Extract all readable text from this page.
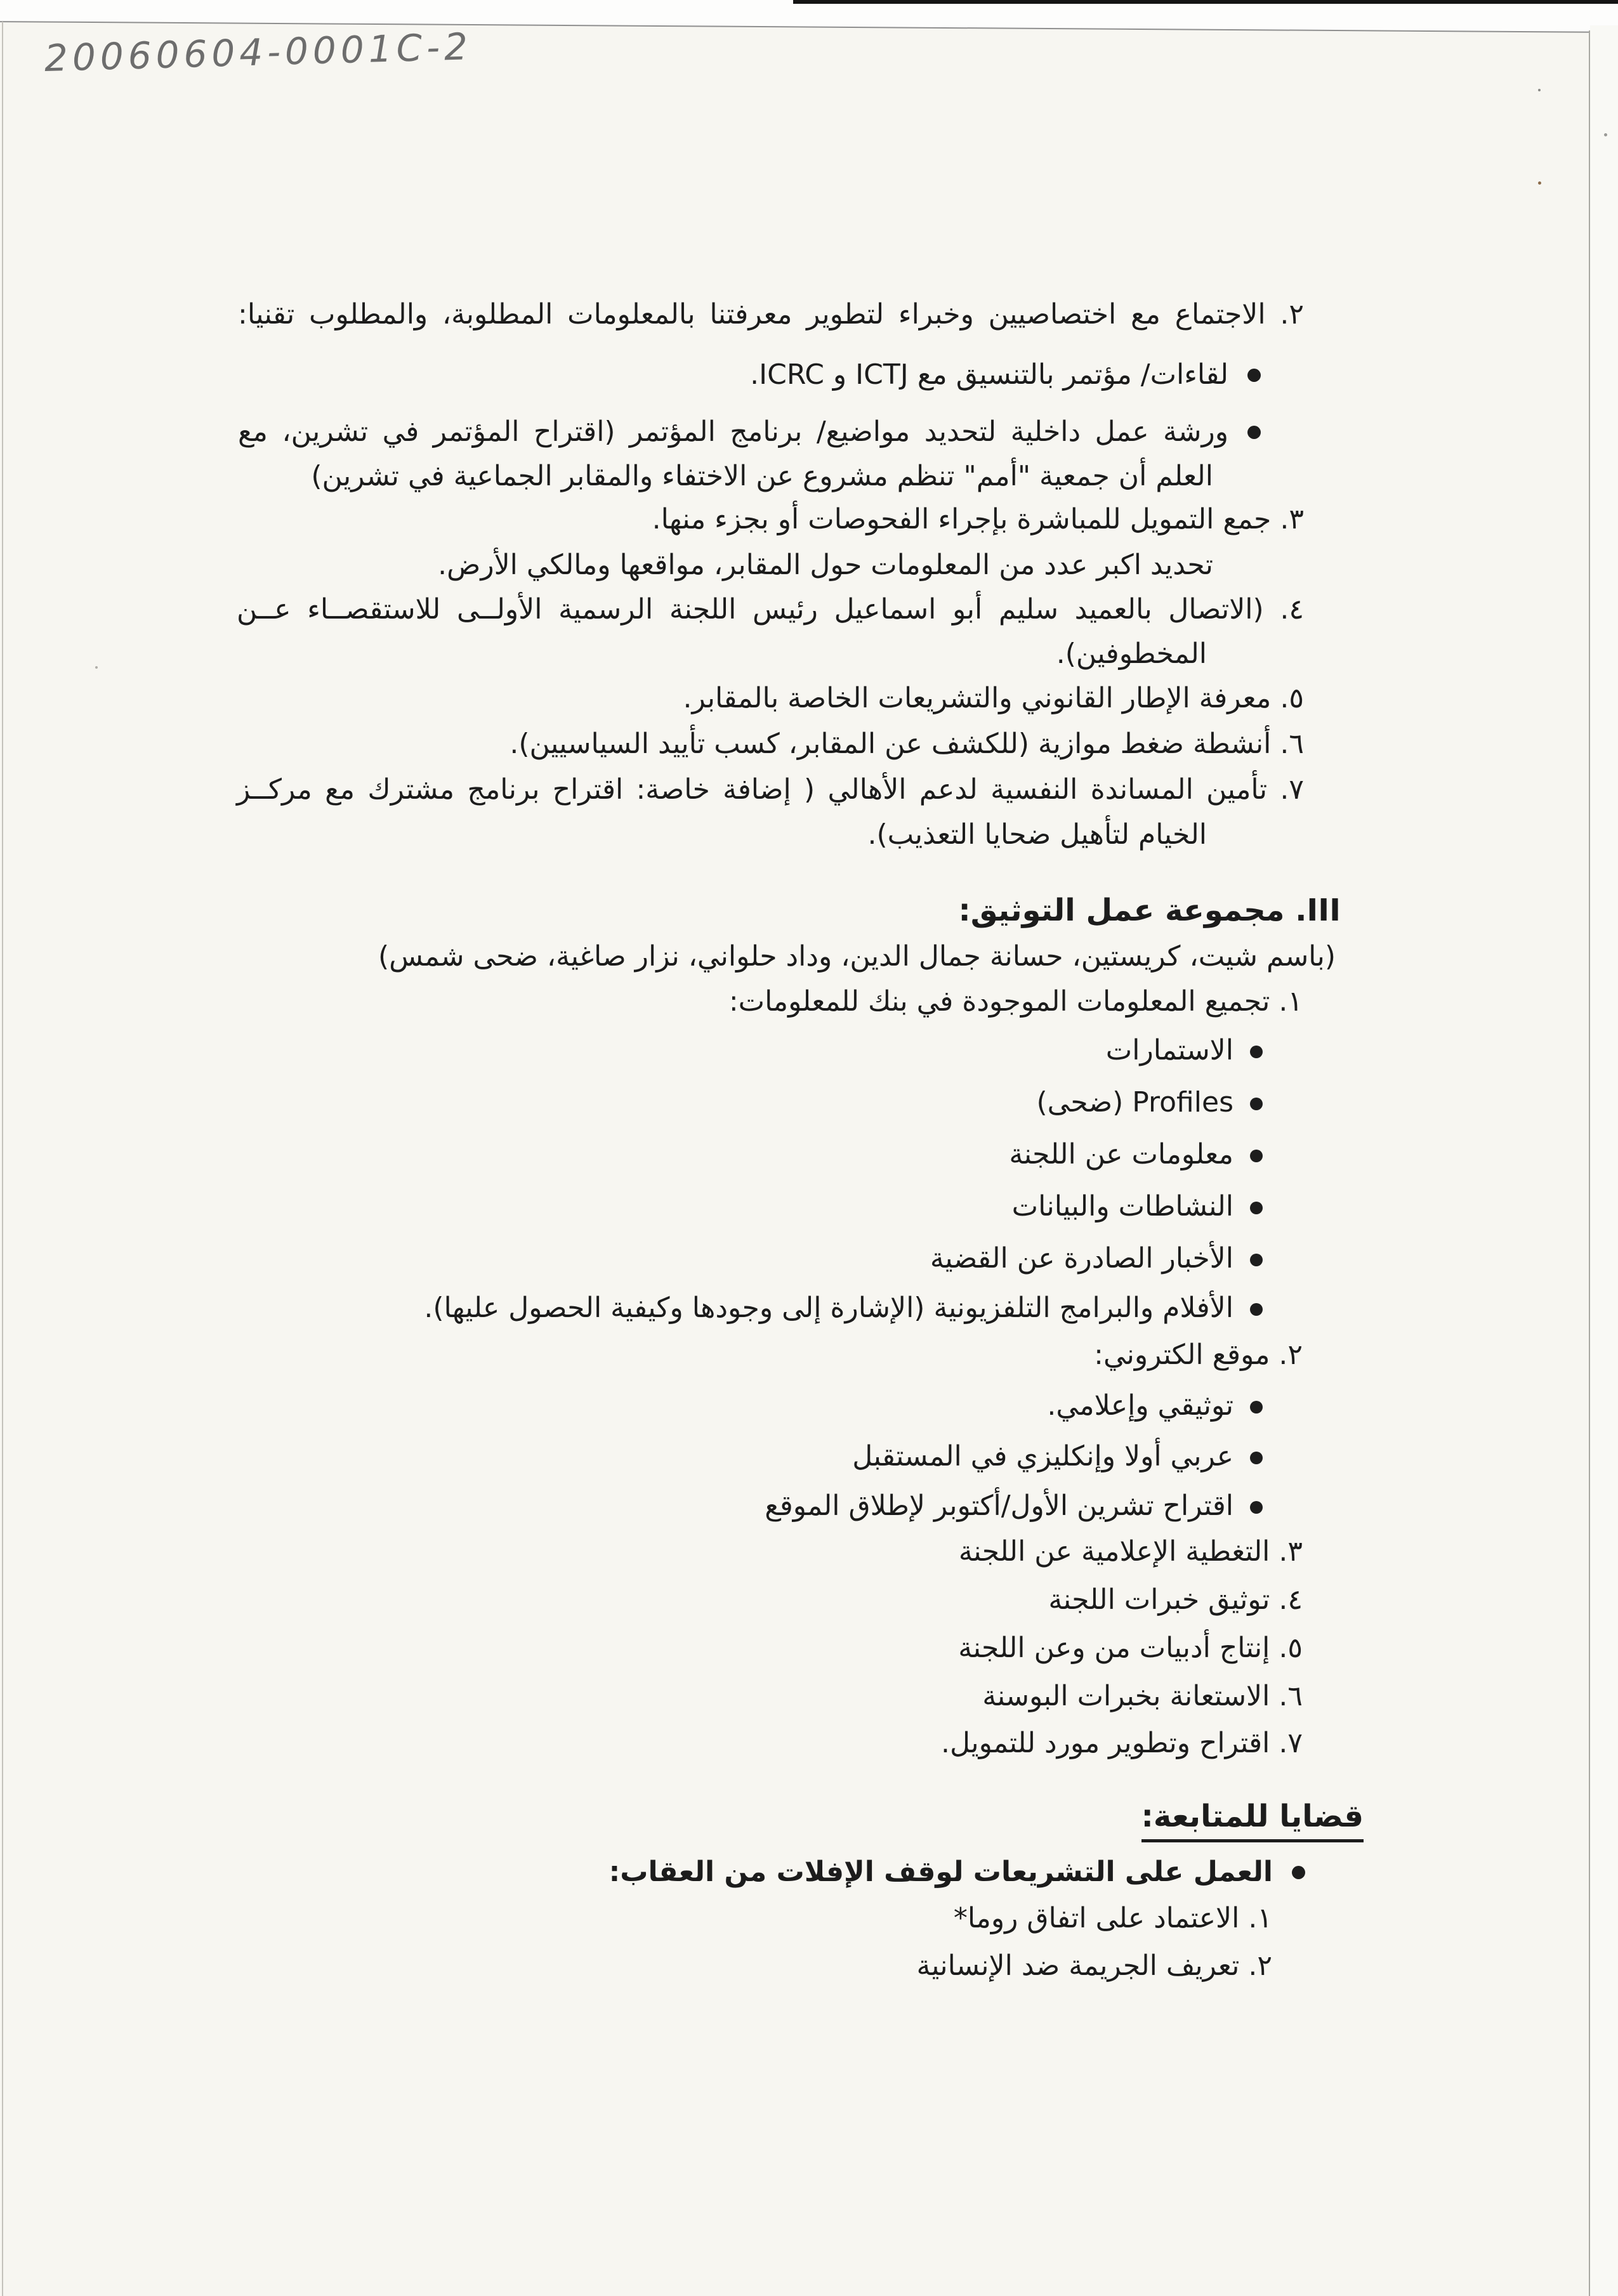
20060604-0001C-2
٢. الاجتماع مع اختصاصيين وخبراء لتطوير معرفتنا بالمعلومات المطلوبة، والمطلوب تقنيا:
لقاءات/ مؤتمر بالتنسيق مع ICTJ و ICRC.
ورشة عمل داخلية لتحديد مواضيع/ برنامج المؤتمر (اقتراح المؤتمر في تشرين، مع
العلم أن جمعية "أمم" تنظم مشروع عن الاختفاء والمقابر الجماعية في تشرين)
٣. جمع التمويل للمباشرة بإجراء الفحوصات أو بجزء منها.
تحديد اكبر عدد من المعلومات حول المقابر، مواقعها ومالكي الأرض.
٤. (الاتصال بالعميد سليم أبو اسماعيل رئيس اللجنة الرسمية الأولــى للاستقصــاء عــن
المخطوفين).
٥. معرفة الإطار القانوني والتشريعات الخاصة بالمقابر.
٦. أنشطة ضغط موازية (للكشف عن المقابر، كسب تأييد السياسيين).
٧. تأمين المساندة النفسية لدعم الأهالي ( إضافة خاصة: اقتراح برنامج مشترك مع مركــز
الخيام لتأهيل ضحايا التعذيب).
III. مجموعة عمل التوثيق:
(باسم شيت، كريستين، حسانة جمال الدين، وداد حلواني، نزار صاغية، ضحى شمس)
١. تجميع المعلومات الموجودة في بنك للمعلومات:
الاستمارات
Profiles (ضحى)
معلومات عن اللجنة
النشاطات والبيانات
الأخبار الصادرة عن القضية
الأفلام والبرامج التلفزيونية (الإشارة إلى وجودها وكيفية الحصول عليها).
٢. موقع الكتروني:
توثيقي وإعلامي.
عربي أولا وإنكليزي في المستقبل
اقتراح تشرين الأول/أكتوبر لإطلاق الموقع
٣. التغطية الإعلامية عن اللجنة
٤. توثيق خبرات اللجنة
٥. إنتاج أدبيات من وعن اللجنة
٦. الاستعانة بخبرات البوسنة
٧. اقتراح وتطوير مورد للتمويل.
قضايا للمتابعة:
العمل على التشريعات لوقف الإفلات من العقاب:
١. الاعتماد على اتفاق روما*
٢. تعريف الجريمة ضد الإنسانية
